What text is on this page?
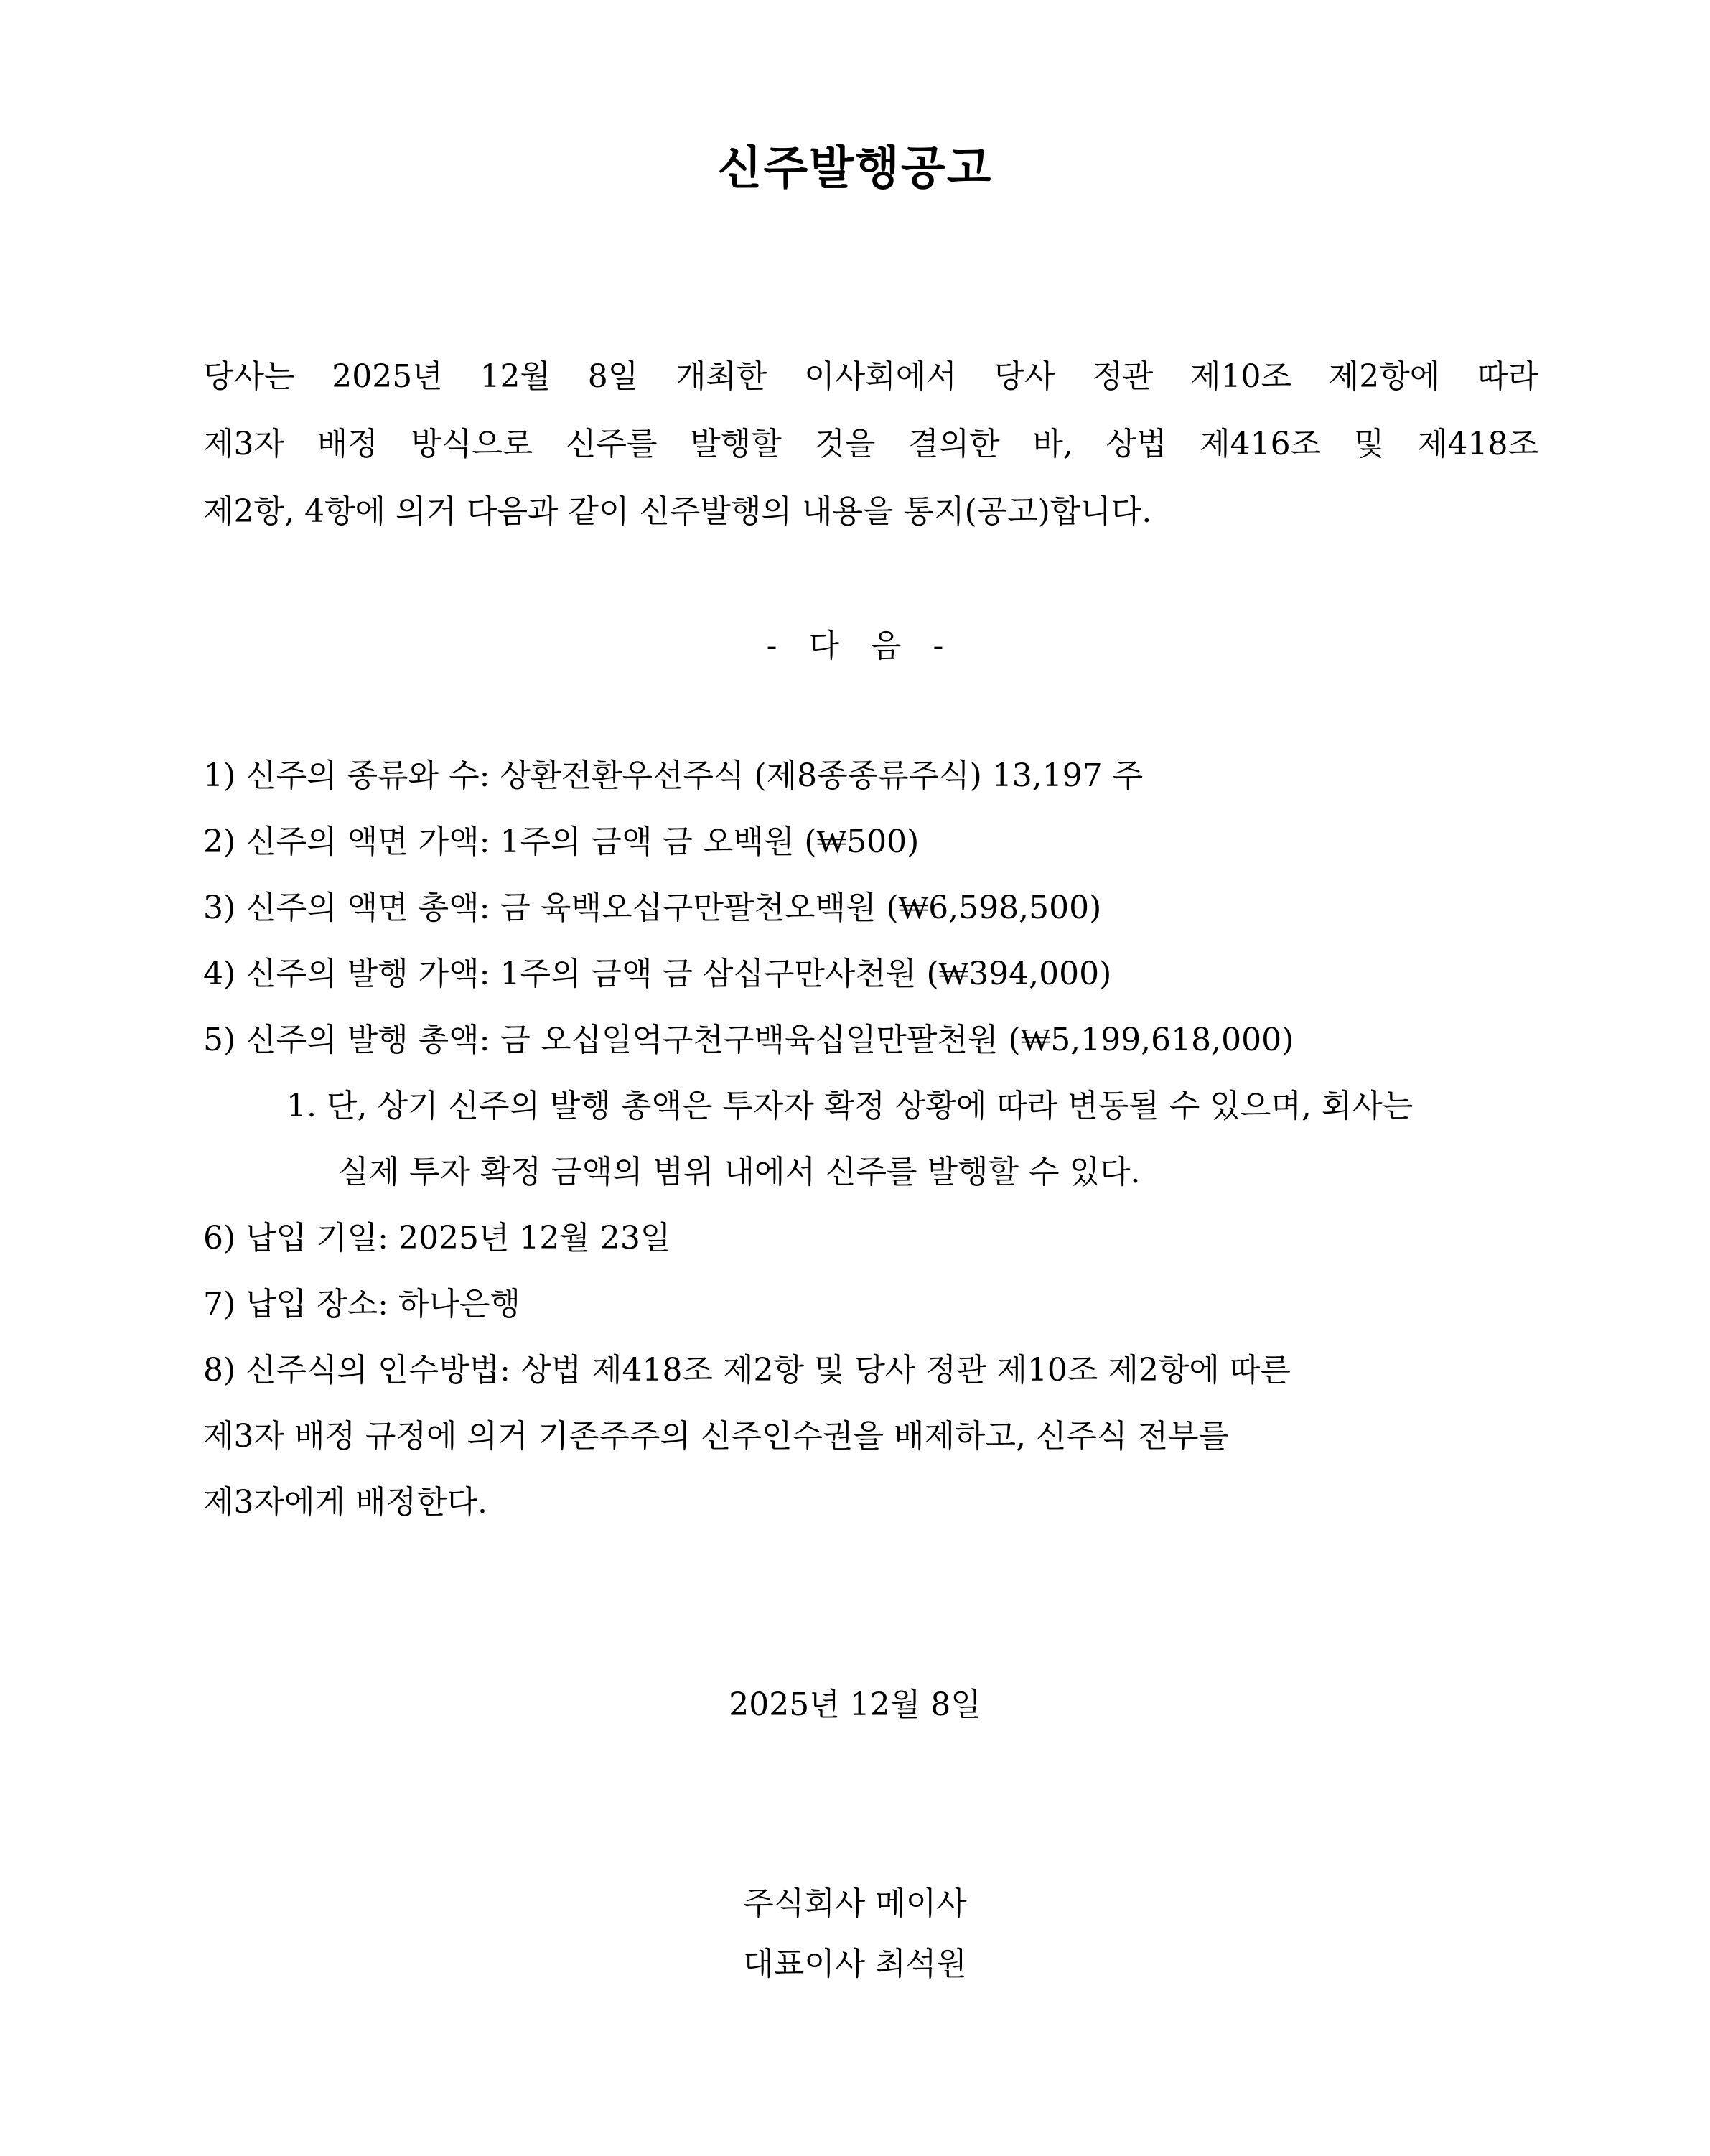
신주발행공고
당사는 2025년 12월 8일 개최한 이사회에서 당사 정관 제10조 제2항에 따라
제3자 배정 방식으로 신주를 발행할 것을 결의한 바, 상법 제416조 및 제418조
제2항, 4항에 의거 다음과 같이 신주발행의 내용을 통지(공고)합니다.
- 다 음 -
1) 신주의 종류와 수: 상환전환우선주식 (제8종종류주식) 13,197 주
2) 신주의 액면 가액: 1주의 금액 금 오백원 (₩500)
3) 신주의 액면 총액: 금 육백오십구만팔천오백원 (₩6,598,500)
4) 신주의 발행 가액: 1주의 금액 금 삼십구만사천원 (₩394,000)
5) 신주의 발행 총액: 금 오십일억구천구백육십일만팔천원 (₩5,199,618,000)
1. 단, 상기 신주의 발행 총액은 투자자 확정 상황에 따라 변동될 수 있으며, 회사는
실제 투자 확정 금액의 범위 내에서 신주를 발행할 수 있다.
6) 납입 기일: 2025년 12월 23일
7) 납입 장소: 하나은행
8) 신주식의 인수방법: 상법 제418조 제2항 및 당사 정관 제10조 제2항에 따른
제3자 배정 규정에 의거 기존주주의 신주인수권을 배제하고, 신주식 전부를
제3자에게 배정한다.
2025년 12월 8일
주식회사 메이사
대표이사 최석원
